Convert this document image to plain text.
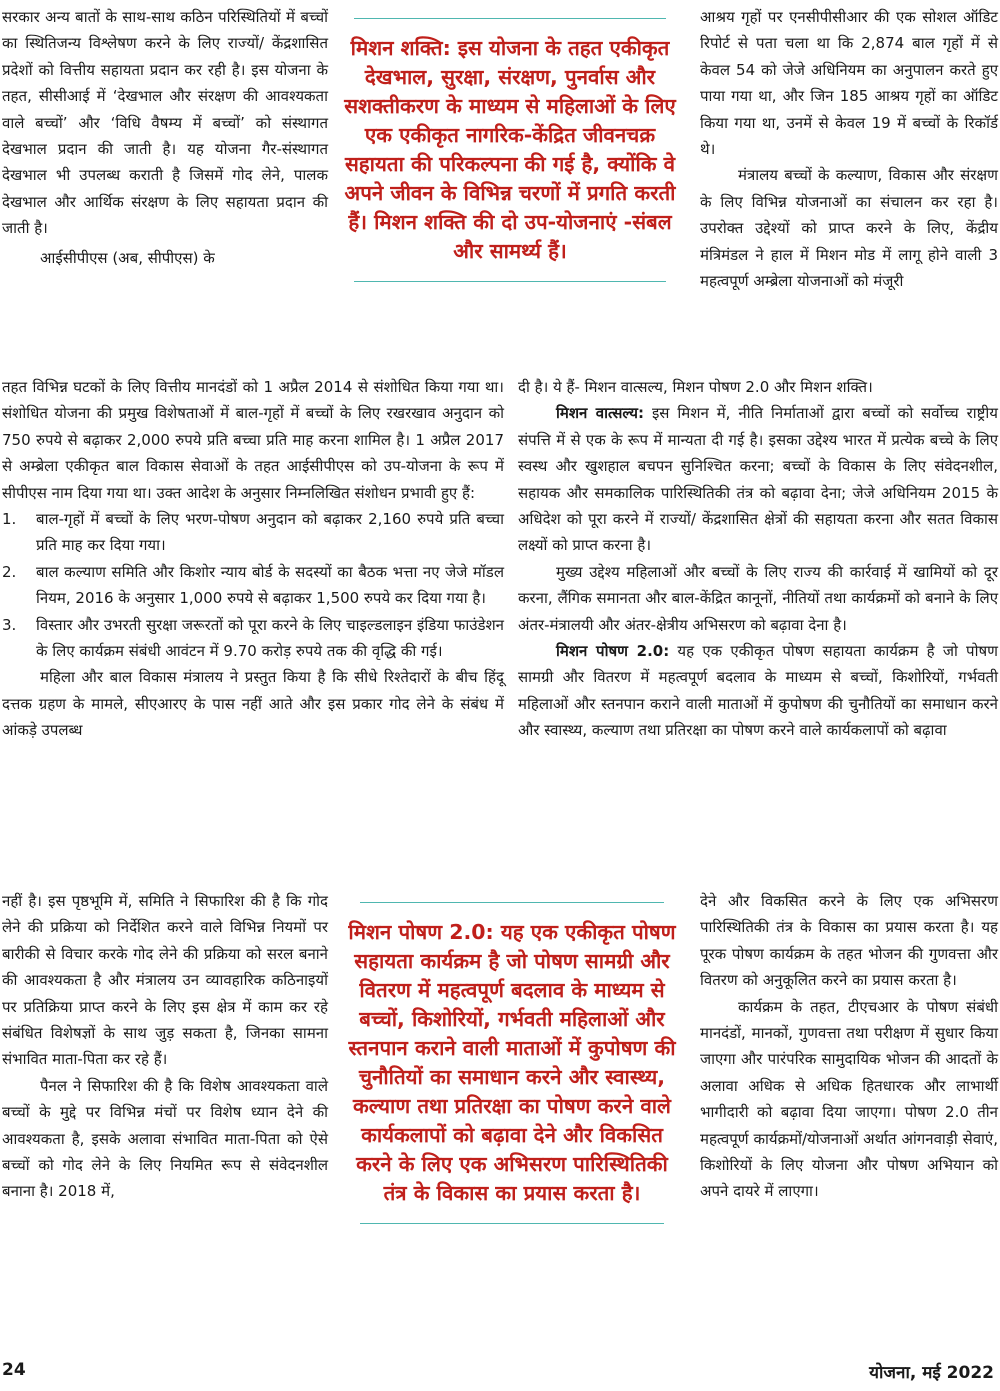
सरकार अन्य बातों के साथ-साथ कठिन परिस्थितियों में बच्चों का स्थितिजन्य विश्लेषण करने के लिए राज्यों/ केंद्रशासित प्रदेशों को वित्तीय सहायता प्रदान कर रही है। इस योजना के तहत, सीसीआई में ‘देखभाल और संरक्षण की आवश्यकता वाले बच्चों’ और ‘विधि वैषम्य में बच्चों’ को संस्थागत देखभाल प्रदान की जाती है। यह योजना गैर-संस्थागत देखभाल भी उपलब्ध कराती है जिसमें गोद लेने, पालक देखभाल और आर्थिक संरक्षण के लिए सहायता प्रदान की जाती है।

आईसीपीएस (अब, सीपीएस) के

मिशन शक्ति: इस योजना के तहत एकीकृत देखभाल, सुरक्षा, संरक्षण, पुनर्वास और सशक्तीकरण के माध्यम से महिलाओं के लिए एक एकीकृत नागरिक-केंद्रित जीवनचक्र सहायता की परिकल्पना की गई है, क्योंकि वे अपने जीवन के विभिन्न चरणों में प्रगति करती हैं। मिशन शक्ति की दो उप-योजनाएं -संबल और सामर्थ्य हैं।

आश्रय गृहों पर एनसीपीसीआर की एक सोशल ऑडिट रिपोर्ट से पता चला था कि 2,874 बाल गृहों में से केवल 54 को जेजे अधिनियम का अनुपालन करते हुए पाया गया था, और जिन 185 आश्रय गृहों का ऑडिट किया गया था, उनमें से केवल 19 में बच्चों के रिकॉर्ड थे।

मंत्रालय बच्चों के कल्याण, विकास और संरक्षण के लिए विभिन्न योजनाओं का संचालन कर रहा है। उपरोक्त उद्देश्यों को प्राप्त करने के लिए, केंद्रीय मंत्रिमंडल ने हाल में मिशन मोड में लागू होने वाली 3 महत्वपूर्ण अम्ब्रेला योजनाओं को मंजूरी

तहत विभिन्न घटकों के लिए वित्तीय मानदंडों को 1 अप्रैल 2014 से संशोधित किया गया था। संशोधित योजना की प्रमुख विशेषताओं में बाल-गृहों में बच्चों के लिए रखरखाव अनुदान को 750 रुपये से बढ़ाकर 2,000 रुपये प्रति बच्चा प्रति माह करना शामिल है। 1 अप्रैल 2017 से अम्ब्रेला एकीकृत बाल विकास सेवाओं के तहत आईसीपीएस को उप-योजना के रूप में सीपीएस नाम दिया गया था। उक्त आदेश के अनुसार निम्नलिखित संशोधन प्रभावी हुए हैं:

1.	बाल-गृहों में बच्चों के लिए भरण-पोषण अनुदान को बढ़ाकर 2,160 रुपये प्रति बच्चा प्रति माह कर दिया गया।
2.	बाल कल्याण समिति और किशोर न्याय बोर्ड के सदस्यों का बैठक भत्ता नए जेजे मॉडल नियम, 2016 के अनुसार 1,000 रुपये से बढ़ाकर 1,500 रुपये कर दिया गया है।
3.	विस्तार और उभरती सुरक्षा जरूरतों को पूरा करने के लिए चाइल्डलाइन इंडिया फाउंडेशन के लिए कार्यक्रम संबंधी आवंटन में 9.70 करोड़ रुपये तक की वृद्धि की गई।

महिला और बाल विकास मंत्रालय ने प्रस्तुत किया है कि सीधे रिश्तेदारों के बीच हिंदू दत्तक ग्रहण के मामले, सीएआरए के पास नहीं आते और इस प्रकार गोद लेने के संबंध में आंकड़े उपलब्ध

दी है। ये हैं- मिशन वात्सल्य, मिशन पोषण 2.0 और मिशन शक्ति।

मिशन वात्सल्य: इस मिशन में, नीति निर्माताओं द्वारा बच्चों को सर्वोच्च राष्ट्रीय संपत्ति में से एक के रूप में मान्यता दी गई है। इसका उद्देश्य भारत में प्रत्येक बच्चे के लिए स्वस्थ और खुशहाल बचपन सुनिश्चित करना; बच्चों के विकास के लिए संवेदनशील, सहायक और समकालिक पारिस्थितिकी तंत्र को बढ़ावा देना; जेजे अधिनियम 2015 के अधिदेश को पूरा करने में राज्यों/ केंद्रशासित क्षेत्रों की सहायता करना और सतत विकास लक्ष्यों को प्राप्त करना है।

मुख्य उद्देश्य महिलाओं और बच्चों के लिए राज्य की कार्रवाई में खामियों को दूर करना, लैंगिक समानता और बाल-केंद्रित कानूनों, नीतियों तथा कार्यक्रमों को बनाने के लिए अंतर-मंत्रालयी और अंतर-क्षेत्रीय अभिसरण को बढ़ावा देना है।

मिशन पोषण 2.0: यह एक एकीकृत पोषण सहायता कार्यक्रम है जो पोषण सामग्री और वितरण में महत्वपूर्ण बदलाव के माध्यम से बच्चों, किशोरियों, गर्भवती महिलाओं और स्तनपान कराने वाली माताओं में कुपोषण की चुनौतियों का समाधान करने और स्वास्थ्य, कल्याण तथा प्रतिरक्षा का पोषण करने वाले कार्यकलापों को बढ़ावा

नहीं है। इस पृष्ठभूमि में, समिति ने सिफारिश की है कि गोद लेने की प्रक्रिया को निर्देशित करने वाले विभिन्न नियमों पर बारीकी से विचार करके गोद लेने की प्रक्रिया को सरल बनाने की आवश्यकता है और मंत्रालय उन व्यावहारिक कठिनाइयों पर प्रतिक्रिया प्राप्त करने के लिए इस क्षेत्र में काम कर रहे संबंधित विशेषज्ञों के साथ जुड़ सकता है, जिनका सामना संभावित माता-पिता कर रहे हैं।

पैनल ने सिफारिश की है कि विशेष आवश्यकता वाले बच्चों के मुद्दे पर विभिन्न मंचों पर विशेष ध्यान देने की आवश्यकता है, इसके अलावा संभावित माता-पिता को ऐसे बच्चों को गोद लेने के लिए नियमित रूप से संवेदनशील बनाना है। 2018 में,

मिशन पोषण 2.0: यह एक एकीकृत पोषण सहायता कार्यक्रम है जो पोषण सामग्री और वितरण में महत्वपूर्ण बदलाव के माध्यम से बच्चों, किशोरियों, गर्भवती महिलाओं और स्तनपान कराने वाली माताओं में कुपोषण की चुनौतियों का समाधान करने और स्वास्थ्य, कल्याण तथा प्रतिरक्षा का पोषण करने वाले कार्यकलापों को बढ़ावा देने और विकसित करने के लिए एक अभिसरण पारिस्थितिकी तंत्र के विकास का प्रयास करता है।

देने और विकसित करने के लिए एक अभिसरण पारिस्थितिकी तंत्र के विकास का प्रयास करता है। यह पूरक पोषण कार्यक्रम के तहत भोजन की गुणवत्ता और वितरण को अनुकूलित करने का प्रयास करता है।

कार्यक्रम के तहत, टीएचआर के पोषण संबंधी मानदंडों, मानकों, गुणवत्ता तथा परीक्षण में सुधार किया जाएगा और पारंपरिक सामुदायिक भोजन की आदतों के अलावा अधिक से अधिक हितधारक और लाभार्थी भागीदारी को बढ़ावा दिया जाएगा। पोषण 2.0 तीन महत्वपूर्ण कार्यक्रमों/योजनाओं अर्थात आंगनवाड़ी सेवाएं, किशोरियों के लिए योजना और पोषण अभियान को अपने दायरे में लाएगा।

24	योजना, मई 2022
